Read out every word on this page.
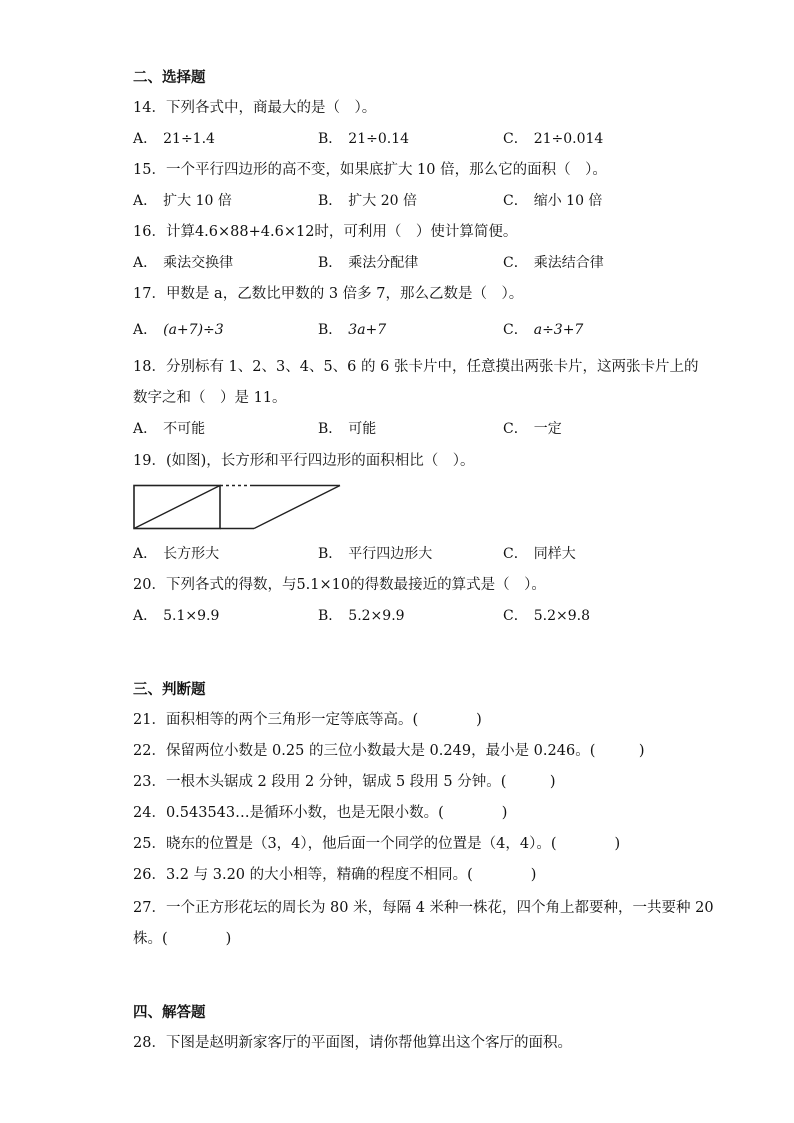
二、选择题
14．下列各式中，商最大的是（　）。
A． 21÷1.4	B． 21÷0.14	C． 21÷0.014
15．一个平行四边形的高不变，如果底扩大 10 倍，那么它的面积（　）。
A． 扩大 10 倍	B． 扩大 20 倍	C． 缩小 10 倍
16．计算4.6×88+4.6×12时，可利用（　）使计算简便。
A． 乘法交换律	B． 乘法分配律	C． 乘法结合律
17．甲数是 a，乙数比甲数的 3 倍多 7，那么乙数是（　）。
A． (a+7)÷3	B． 3a+7	C． a÷3+7
18．分别标有 1、2、3、4、5、6 的 6 张卡片中，任意摸出两张卡片，这两张卡片上的
数字之和（　）是 11。
A． 不可能	B． 可能	C． 一定
19．(如图)，长方形和平行四边形的面积相比（　）。
A． 长方形大	B． 平行四边形大	C． 同样大
20．下列各式的得数，与5.1×10的得数最接近的算式是（　）。
A． 5.1×9.9	B． 5.2×9.9	C． 5.2×9.8
三、判断题
21．面积相等的两个三角形一定等底等高。(　　　　)
22．保留两位小数是 0.25 的三位小数最大是 0.249，最小是 0.246。(　　　)
23．一根木头锯成 2 段用 2 分钟，锯成 5 段用 5 分钟。(　　　)
24．0.543543…是循环小数，也是无限小数。(　　　　)
25．晓东的位置是（3，4），他后面一个同学的位置是（4，4）。(　　　　)
26．3.2 与 3.20 的大小相等，精确的程度不相同。(　　　　)
27．一个正方形花坛的周长为 80 米，每隔 4 米种一株花，四个角上都要种，一共要种 20
株。(　　　　)
四、解答题
28．下图是赵明新家客厅的平面图，请你帮他算出这个客厅的面积。
